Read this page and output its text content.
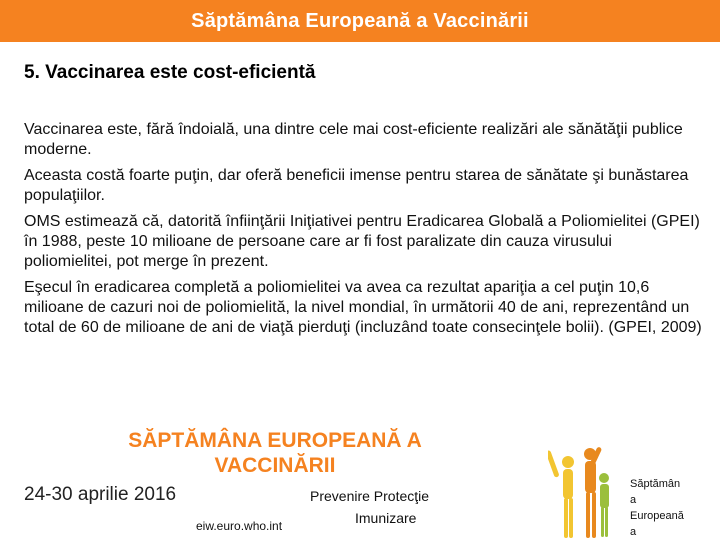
Săptămâna Europeană a Vaccinării
5. Vaccinarea este cost-eficientă

Vaccinarea este, fără îndoială, una dintre cele mai cost-eficiente realizări ale sănătăţii publice moderne.

Aceasta costă foarte puţin, dar oferă beneficii imense pentru starea de sănătate şi bunăstarea populaţiilor.

OMS estimează că, datorită înfiinţării Iniţiativei pentru Eradicarea Globală a Poliomielitei (GPEI) în 1988, peste 10 milioane de persoane care ar fi fost paralizate din cauza virusului poliomielitei, pot merge în prezent.

Eşecul în eradicarea completă a poliomielitei va avea ca rezultat apariţia a cel puţin 10,6 milioane de cazuri noi de poliomielită, la nivel mondial, în următorii 40 de ani, reprezentând un total de 60 de milioane de ani de viaţă pierduţi (incluzând toate consecinţele bolii). (GPEI, 2009)

SĂPTĂMÂNA EUROPEANĂ A
VACCINĂRII
24-30 aprilie 2016
eiw.euro.who.int
Prevenire Protecţie
Imunizare
Săptămân
a
Europeană
a
